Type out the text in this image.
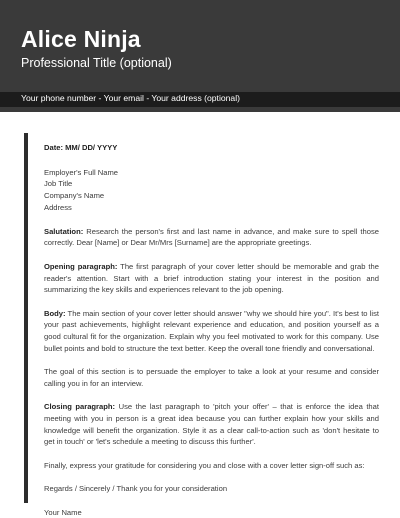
Alice Ninja
Professional Title (optional)
Your phone number - Your email - Your address (optional)

Date: MM/ DD/ YYYY

Employer's Full Name
Job Title
Company's Name
Address

Salutation: Research the person's first and last name in advance, and make sure to spell those correctly. Dear [Name] or Dear Mr/Mrs [Surname] are the appropriate greetings.

Opening paragraph: The first paragraph of your cover letter should be memorable and grab the reader's attention. Start with a brief introduction stating your interest in the position and summarizing the key skills and experiences relevant to the job opening.

Body: The main section of your cover letter should answer "why we should hire you". It's best to list your past achievements, highlight relevant experience and education, and position yourself as a good cultural fit for the organization. Explain why you feel motivated to work for this company. Use bullet points and bold to structure the text better. Keep the overall tone friendly and conversational.

The goal of this section is to persuade the employer to take a look at your resume and consider calling you in for an interview.

Closing paragraph: Use the last paragraph to 'pitch your offer' – that is enforce the idea that meeting with you in person is a great idea because you can further explain how your skills and knowledge will benefit the organization. Style it as a clear call-to-action such as 'don't hesitate to get in touch' or 'let's schedule a meeting to discuss this further'.

Finally, express your gratitude for considering you and close with a cover letter sign-off such as:

Regards / Sincerely / Thank you for your consideration

Your Name
